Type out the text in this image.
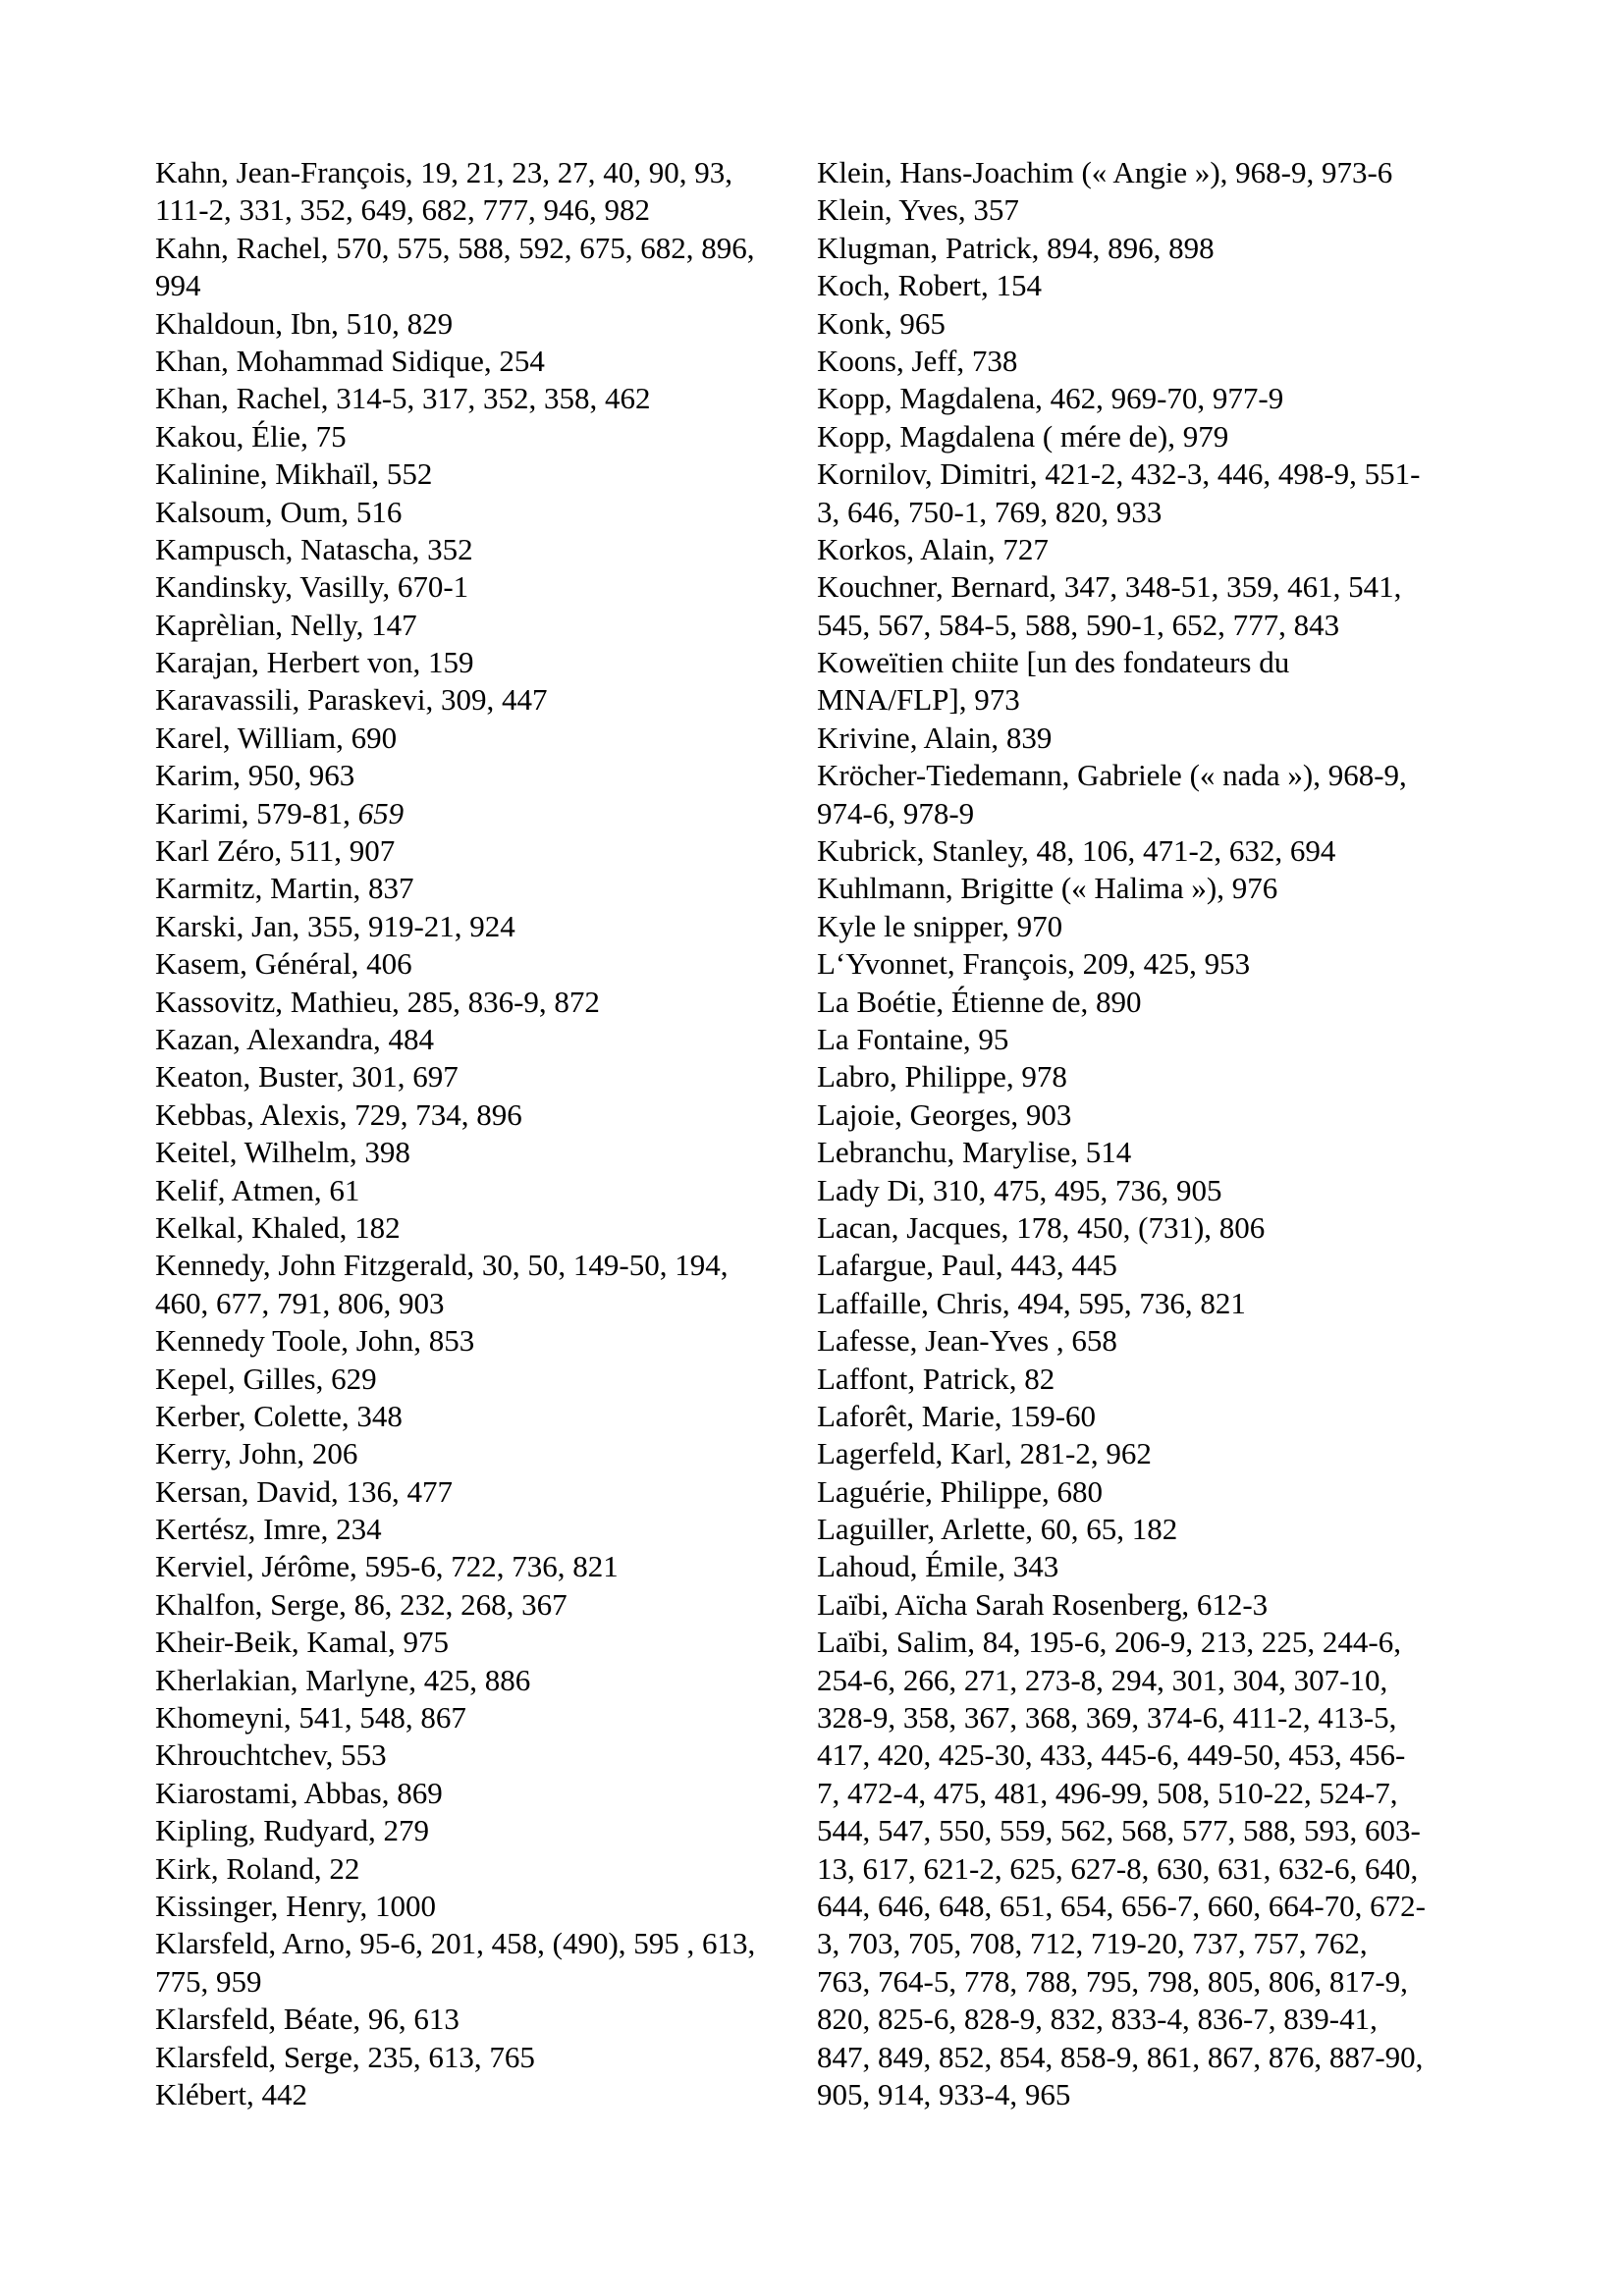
Kahn, Jean-François, 19, 21, 23, 27, 40, 90, 93,
111-2, 331, 352, 649, 682, 777, 946, 982
Kahn, Rachel, 570, 575, 588, 592, 675, 682, 896,
994
Khaldoun, Ibn, 510, 829
Khan, Mohammad Sidique, 254
Khan, Rachel, 314-5, 317, 352, 358, 462
Kakou, Élie, 75
Kalinine, Mikhaïl, 552
Kalsoum, Oum, 516
Kampusch, Natascha, 352
Kandinsky, Vasilly, 670-1
Kaprèlian, Nelly, 147
Karajan, Herbert von, 159
Karavassili, Paraskevi, 309, 447
Karel, William, 690
Karim, 950, 963
Karimi, 579-81, 659
Karl Zéro, 511, 907
Karmitz, Martin, 837
Karski, Jan, 355, 919-21, 924
Kasem, Général, 406
Kassovitz, Mathieu, 285, 836-9, 872
Kazan, Alexandra, 484
Keaton, Buster, 301, 697
Kebbas, Alexis, 729, 734, 896
Keitel, Wilhelm, 398
Kelif, Atmen, 61
Kelkal, Khaled, 182
Kennedy, John Fitzgerald, 30, 50, 149-50, 194,
460, 677, 791, 806, 903
Kennedy Toole, John, 853
Kepel, Gilles, 629
Kerber, Colette, 348
Kerry, John, 206
Kersan, David, 136, 477
Kertész, Imre, 234
Kerviel, Jérôme, 595-6, 722, 736, 821
Khalfon, Serge, 86, 232, 268, 367
Kheir-Beik, Kamal, 975
Kherlakian, Marlyne, 425, 886
Khomeyni, 541, 548, 867
Khrouchtchev, 553
Kiarostami, Abbas, 869
Kipling, Rudyard, 279
Kirk, Roland, 22
Kissinger, Henry, 1000
Klarsfeld, Arno, 95-6, 201, 458, (490), 595 , 613,
775, 959
Klarsfeld, Béate, 96, 613
Klarsfeld, Serge, 235, 613, 765
Klébert, 442
Klein, Hans-Joachim (« Angie »), 968-9, 973-6
Klein, Yves, 357
Klugman, Patrick, 894, 896, 898
Koch, Robert, 154
Konk, 965
Koons, Jeff, 738
Kopp, Magdalena, 462, 969-70, 977-9
Kopp, Magdalena ( mére de), 979
Kornilov, Dimitri, 421-2, 432-3, 446, 498-9, 551-
3, 646, 750-1, 769, 820, 933
Korkos, Alain, 727
Kouchner, Bernard, 347, 348-51, 359, 461, 541,
545, 567, 584-5, 588, 590-1, 652, 777, 843
Koweïtien chiite [un des fondateurs du
MNA/FLP], 973
Krivine, Alain, 839
Kröcher-Tiedemann, Gabriele (« nada »), 968-9,
974-6, 978-9
Kubrick, Stanley, 48, 106, 471-2, 632, 694
Kuhlmann, Brigitte (« Halima »), 976
Kyle le snipper, 970
L‘Yvonnet, François, 209, 425, 953
La Boétie, Étienne de, 890
La Fontaine, 95
Labro, Philippe, 978
Lajoie, Georges, 903
Lebranchu, Marylise, 514
Lady Di, 310, 475, 495, 736, 905
Lacan, Jacques, 178, 450, (731), 806
Lafargue, Paul, 443, 445
Laffaille, Chris, 494, 595, 736, 821
Lafesse, Jean-Yves , 658
Laffont, Patrick, 82
Laforêt, Marie, 159-60
Lagerfeld, Karl, 281-2, 962
Laguérie, Philippe, 680
Laguiller, Arlette, 60, 65, 182
Lahoud, Émile, 343
Laïbi, Aïcha Sarah Rosenberg, 612-3
Laïbi, Salim, 84, 195-6, 206-9, 213, 225, 244-6,
254-6, 266, 271, 273-8, 294, 301, 304, 307-10,
328-9, 358, 367, 368, 369, 374-6, 411-2, 413-5,
417, 420, 425-30, 433, 445-6, 449-50, 453, 456-
7, 472-4, 475, 481, 496-99, 508, 510-22, 524-7,
544, 547, 550, 559, 562, 568, 577, 588, 593, 603-
13, 617, 621-2, 625, 627-8, 630, 631, 632-6, 640,
644, 646, 648, 651, 654, 656-7, 660, 664-70, 672-
3, 703, 705, 708, 712, 719-20, 737, 757, 762,
763, 764-5, 778, 788, 795, 798, 805, 806, 817-9,
820, 825-6, 828-9, 832, 833-4, 836-7, 839-41,
847, 849, 852, 854, 858-9, 861, 867, 876, 887-90,
905, 914, 933-4, 965
